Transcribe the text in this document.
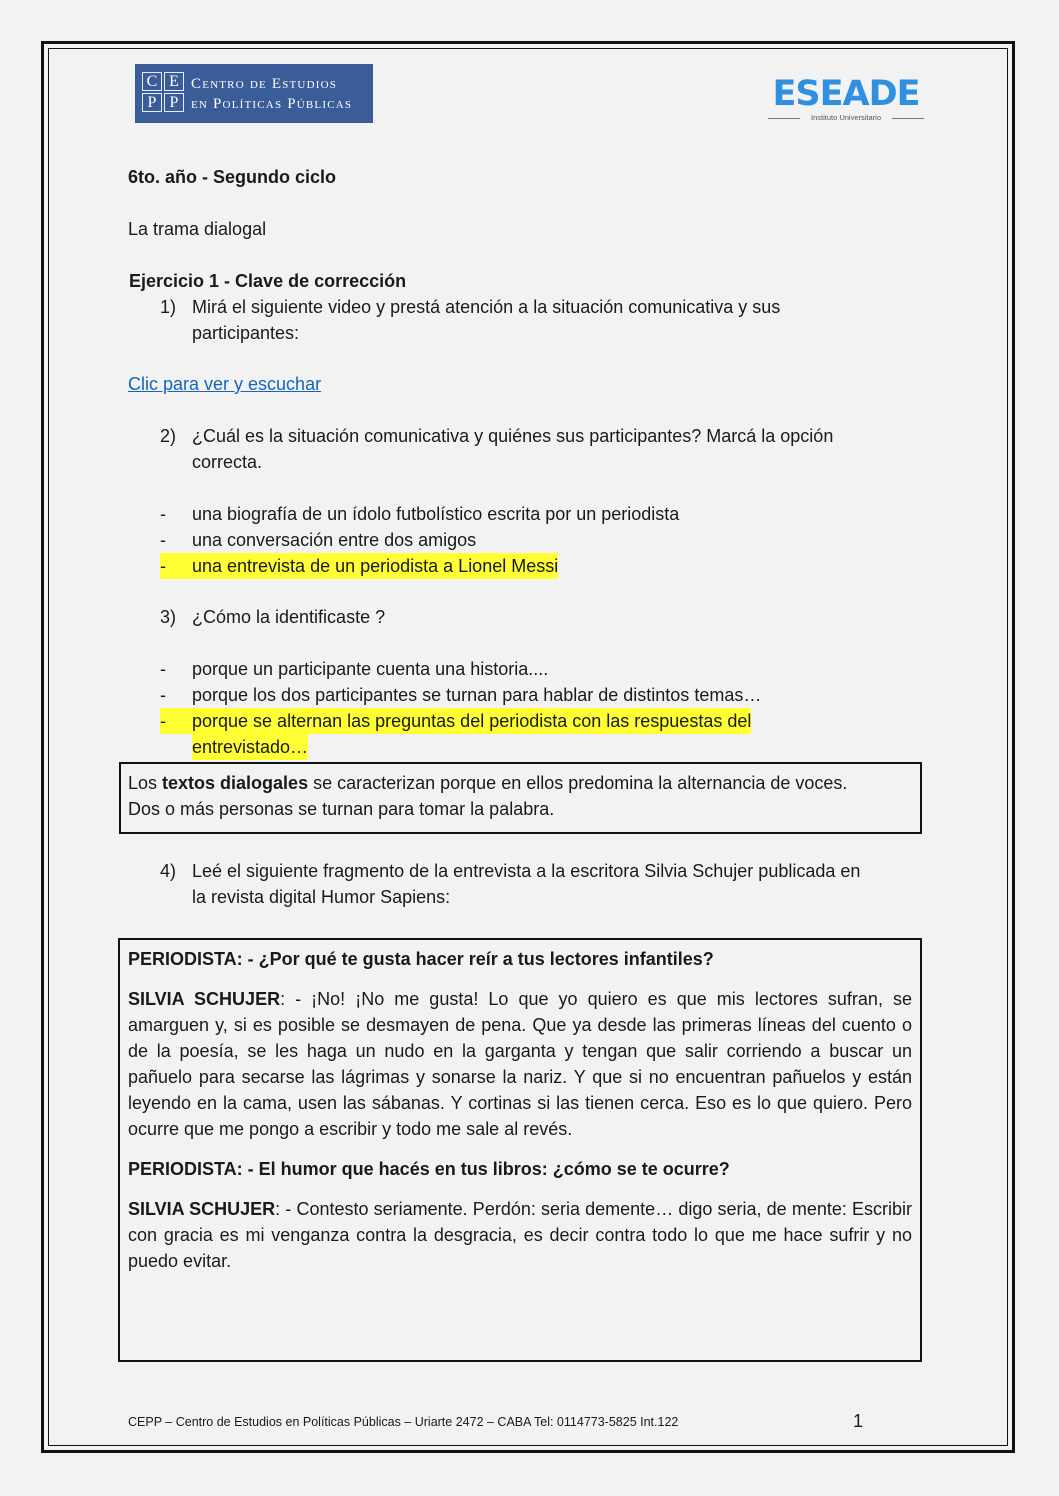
C E
P P
Centro de Estudios
en Políticas Públicas	ESEADE
Instituto Universitario
6to. año - Segundo ciclo
La trama dialogal
Ejercicio 1 - Clave de corrección
1) Mirá el siguiente video y prestá atención a la situación comunicativa y sus
participantes:
Clic para ver y escuchar
2) ¿Cuál es la situación comunicativa y quiénes sus participantes? Marcá la opción
correcta.
- una biografía de un ídolo futbolístico escrita por un periodista
- una conversación entre dos amigos
-	una entrevista de un periodista a Lionel Messi
3) ¿Cómo la identificaste ?
- porque un participante cuenta una historia....
- porque los dos participantes se turnan para hablar de distintos temas…
-	porque se alternan las preguntas del periodista con las respuestas del
entrevistado…
Los textos dialogales se caracterizan porque en ellos predomina la alternancia de voces.
Dos o más personas se turnan para tomar la palabra.
4) Leé el siguiente fragmento de la entrevista a la escritora Silvia Schujer publicada en
la revista digital Humor Sapiens:
PERIODISTA: - ¿Por qué te gusta hacer reír a tus lectores infantiles?
SILVIA SCHUJER: - ¡No! ¡No me gusta! Lo que yo quiero es que mis lectores sufran, se amarguen y, si es posible se desmayen de pena. Que ya desde las primeras líneas del cuento o de la poesía, se les haga un nudo en la garganta y tengan que salir corriendo a buscar un pañuelo para secarse las lágrimas y sonarse la nariz. Y que si no encuentran pañuelos y están leyendo en la cama, usen las sábanas. Y cortinas si las tienen cerca. Eso es lo que quiero. Pero ocurre que me pongo a escribir y todo me sale al revés.
PERIODISTA: - El humor que hacés en tus libros: ¿cómo se te ocurre?
SILVIA SCHUJER: - Contesto seriamente. Perdón: seria demente… digo seria, de mente: Escribir con gracia es mi venganza contra la desgracia, es decir contra todo lo que me hace sufrir y no puedo evitar.
CEPP – Centro de Estudios en Políticas Públicas – Uriarte 2472 – CABA Tel: 0114773-5825 Int.122	1
